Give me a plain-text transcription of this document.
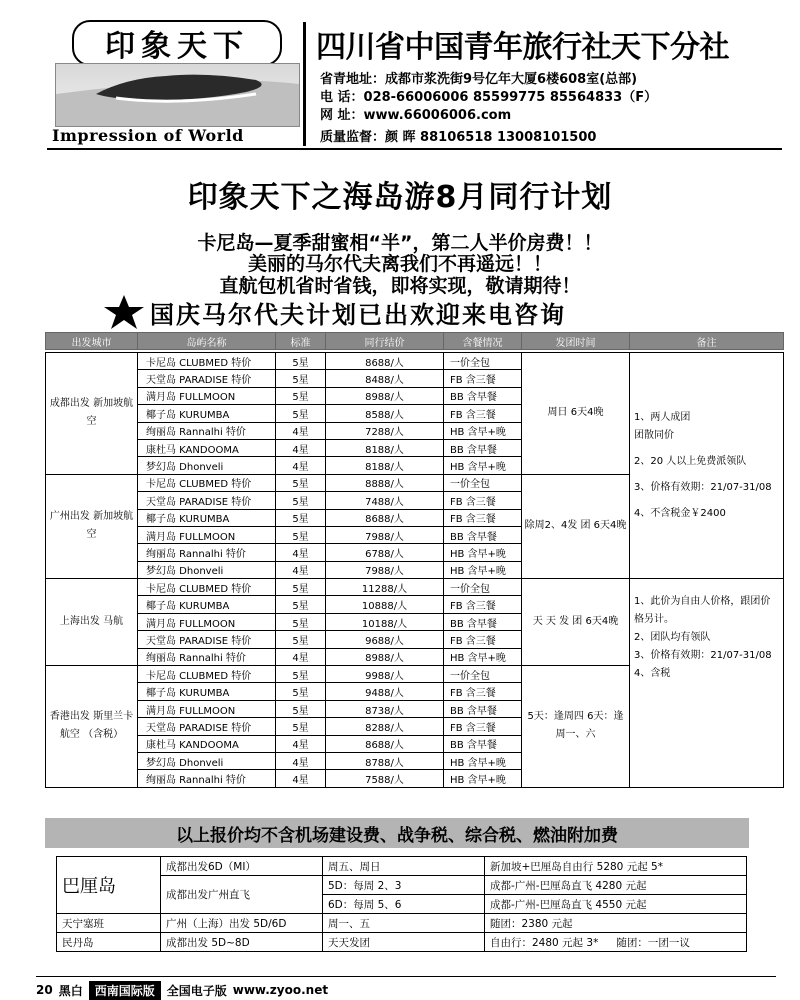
印象天下
Impression of World
四川省中国青年旅行社天下分社
省青地址：成都市浆洗街9号亿年大厦6楼608室(总部)
电 话：028-66006006 85599775 85564833（F）
网 址：www.66006006.com
质量监督：颜 晖 88106518 13008101500
印象天下之海岛游8月同行计划
卡尼岛—夏季甜蜜相“半”，第二人半价房费！！
美丽的马尔代夫离我们不再遥远！！
直航包机省时省钱，即将实现，敬请期待！
国庆马尔代夫计划已出欢迎来电咨询
出发城市	岛屿名称	标准	同行结价	含餐情况	发团时间	备注

成都出发 新加坡航空	卡尼岛 CLUBMED 特价	5星	8688/人	一价全包	周日 6天4晚	1、两人成团
团散同价
2、20 人以上免费派领队
3、价格有效期：21/07-31/08
4、不含税金￥2400

	天堂岛 PARADISE 特价	5星	8488/人	FB 含三餐		
	满月岛 FULLMOON	5星	8988/人	BB 含早餐		
	椰子岛 KURUMBA	5星	8588/人	FB 含三餐		
	绚丽岛 Rannalhi 特价	4星	7288/人	HB 含早+晚		
	康杜马 KANDOOMA	4星	8188/人	BB 含早餐		
	梦幻岛 Dhonveli	4星	8188/人	HB 含早+晚		
广州出发 新加坡航空	卡尼岛 CLUBMED 特价	5星	8888/人	一价全包	除周2、4发 团 6天4晚	
	天堂岛 PARADISE 特价	5星	7488/人	FB 含三餐		
	椰子岛 KURUMBA	5星	8688/人	FB 含三餐		
	满月岛 FULLMOON	5星	7988/人	BB 含早餐		
	绚丽岛 Rannalhi 特价	4星	6788/人	HB 含早+晚		
	梦幻岛 Dhonveli	4星	7988/人	HB 含早+晚		
上海出发 马航	卡尼岛 CLUBMED 特价	5星	11288/人	一价全包	天 天 发 团 6天4晚	1、此价为自由人价格，跟团价格另计。
2、团队均有领队
3、价格有效期：21/07-31/08
4、含税

	椰子岛 KURUMBA	5星	10888/人	FB 含三餐		
	满月岛 FULLMOON	5星	10188/人	BB 含早餐		
	天堂岛 PARADISE 特价	5星	9688/人	FB 含三餐		
	绚丽岛 Rannalhi 特价	4星	8988/人	HB 含早+晚		
香港出发 斯里兰卡航空 （含税）	卡尼岛 CLUBMED 特价	5星	9988/人	一价全包	5天：逢周四 6天：逢周一、六	
	椰子岛 KURUMBA	5星	9488/人	FB 含三餐		
	满月岛 FULLMOON	5星	8738/人	BB 含早餐		
	天堂岛 PARADISE 特价	5星	8288/人	FB 含三餐		
	康杜马 KANDOOMA	4星	8688/人	BB 含早餐		
	梦幻岛 Dhonveli	4星	8788/人	HB 含早+晚		
	绚丽岛 Rannalhi 特价	4星	7588/人	HB 含早+晚		
以上报价均不含机场建设费、战争税、综合税、燃油附加费
巴厘岛	成都出发6D（MI）	周五、周日	新加坡+巴厘岛自由行 5280 元起 5*
	成都出发广州直飞	5D：每周 2、3	成都-广州-巴厘岛直飞 4280 元起
		6D：每周 5、6	成都-广州-巴厘岛直飞 4550 元起
天宁塞班	广州（上海）出发 5D/6D	周一、五	随团：2380 元起
民丹岛	成都出发 5D~8D	天天发团	自由行：2480 元起 3* 随团：一团一议
20 黑白	西南国际版	全国电子版 www.zyoo.net
